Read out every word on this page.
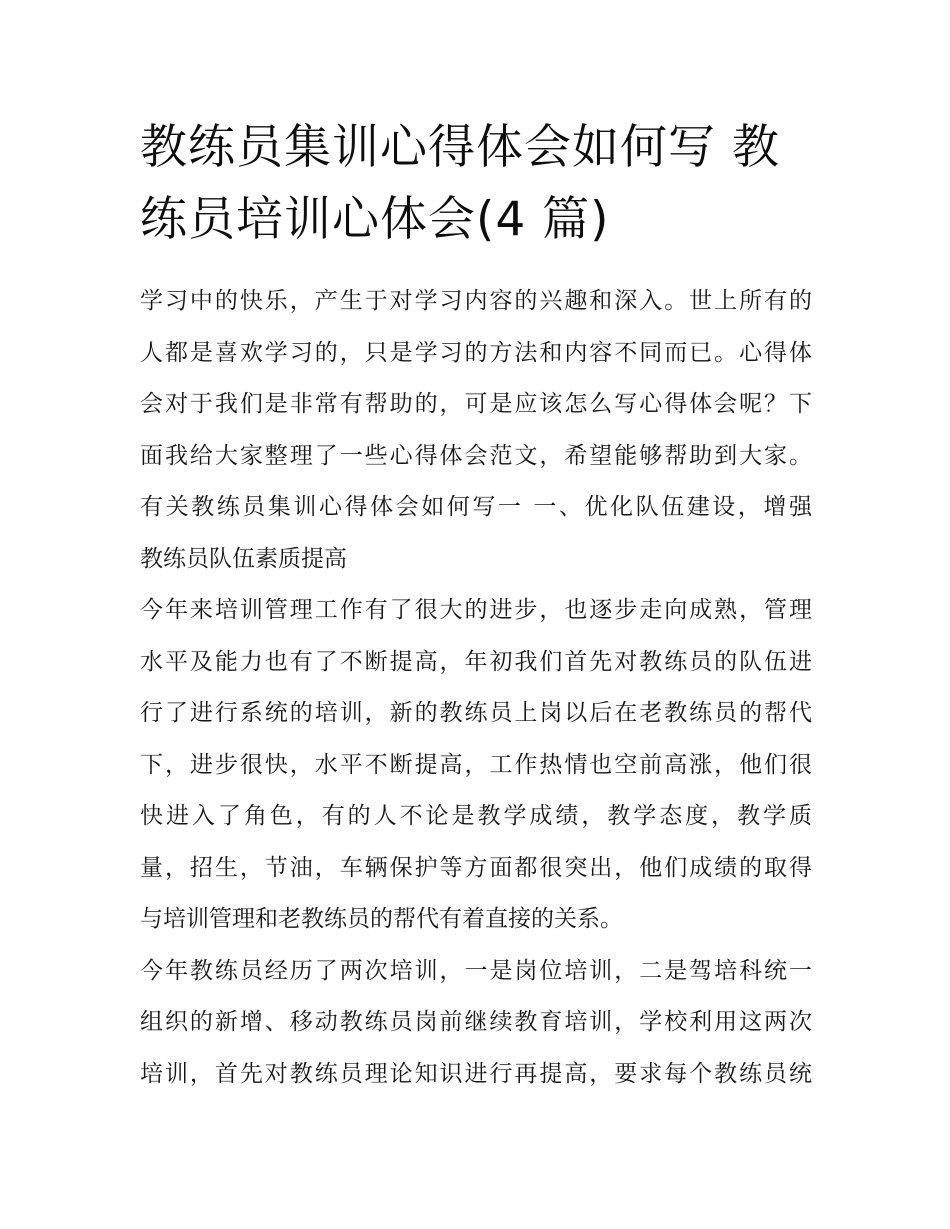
教练员集训心得体会如何写 教
练员培训心体会(4 篇)
学习中的快乐，产生于对学习内容的兴趣和深入。世上所有的
人都是喜欢学习的，只是学习的方法和内容不同而已。心得体
会对于我们是非常有帮助的，可是应该怎么写心得体会呢？下
面我给大家整理了一些心得体会范文，希望能够帮助到大家。
有关教练员集训心得体会如何写一 一、优化队伍建设，增强
教练员队伍素质提高
今年来培训管理工作有了很大的进步，也逐步走向成熟，管理
水平及能力也有了不断提高，年初我们首先对教练员的队伍进
行了进行系统的培训，新的教练员上岗以后在老教练员的帮代
下，进步很快，水平不断提高，工作热情也空前高涨，他们很
快进入了角色，有的人不论是教学成绩，教学态度，教学质
量，招生，节油，车辆保护等方面都很突出，他们成绩的取得
与培训管理和老教练员的帮代有着直接的关系。
今年教练员经历了两次培训，一是岗位培训，二是驾培科统一
组织的新增、移动教练员岗前继续教育培训，学校利用这两次
培训，首先对教练员理论知识进行再提高，要求每个教练员统
